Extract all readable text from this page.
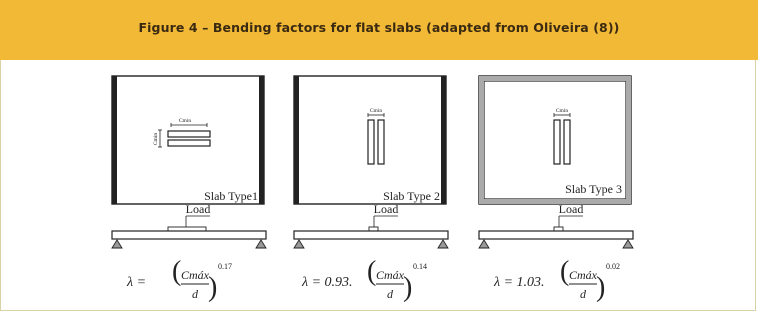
Figure 4 – Bending factors for flat slabs (adapted from Oliveira (8))
Cmin
Cmin
Slab Type1
Load
λ = ( Cmáx
d )
0.17
Cmin
Slab Type 2
Load
λ = 0.93. ( Cmáx
d )
0.14
Cmin
Slab Type 3
Load
λ = 1.03. ( Cmáx
d )
0.02
